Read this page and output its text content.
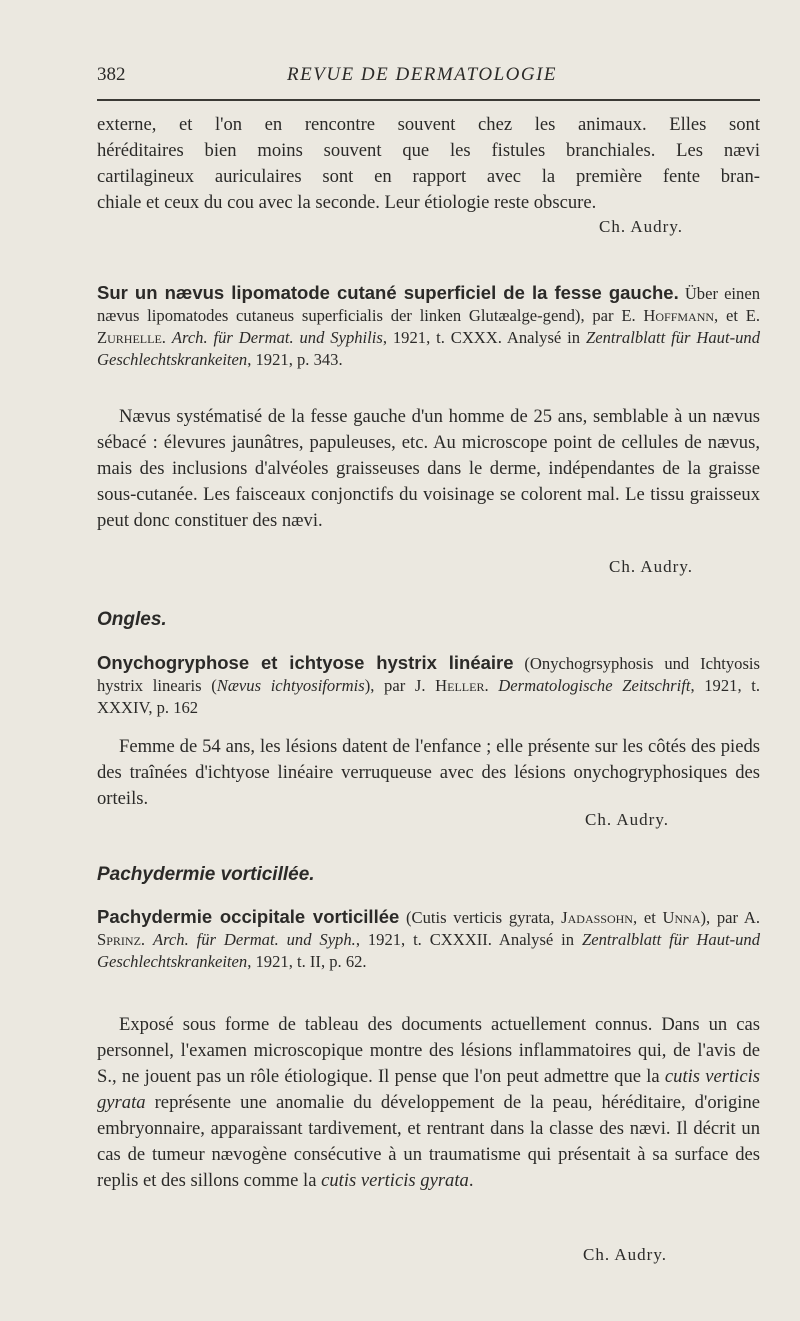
382	REVUE DE DERMATOLOGIE
externe, et l'on en rencontre souvent chez les animaux. Elles sont
héréditaires bien moins souvent que les fistules branchiales. Les nævi
cartilagineux auriculaires sont en rapport avec la première fente bran-
chiale et ceux du cou avec la seconde. Leur étiologie reste obscure.
Ch. Audry.

Sur un nævus lipomatode cutané superficiel de la fesse gauche. Über einen nævus lipomatodes cutaneus superficialis der linken Glutæalge-gend), par E. Hoffmann, et E. Zurhelle. Arch. für Dermat. und Syphilis, 1921, t. CXXX. Analysé in Zentralblatt für Haut-und Geschlechtskrankeiten, 1921, p. 343.

Nævus systématisé de la fesse gauche d'un homme de 25 ans, semblable à un nævus sébacé : élevures jaunâtres, papuleuses, etc. Au microscope point de cellules de nævus, mais des inclusions d'alvéoles graisseuses dans le derme, indépendantes de la graisse sous-cutanée. Les faisceaux conjonctifs du voisinage se colorent mal. Le tissu graisseux peut donc constituer des nævi.

Ch. Audry.
Ongles.

Onychogryphose et ichtyose hystrix linéaire (Onychogrsyphosis und Ichtyosis hystrix linearis (Nævus ichtyosiformis), par J. Heller. Dermatologische Zeitschrift, 1921, t. XXXIV, p. 162

Femme de 54 ans, les lésions datent de l'enfance ; elle présente sur les côtés des pieds des traînées d'ichtyose linéaire verruqueuse avec des lésions onychogryphosiques des orteils.

Ch. Audry.
Pachydermie vorticillée.

Pachydermie occipitale vorticillée (Cutis verticis gyrata, Jadassohn, et Unna), par A. Sprinz. Arch. für Dermat. und Syph., 1921, t. CXXXII. Analysé in Zentralblatt für Haut-und Geschlechtskrankeiten, 1921, t. II, p. 62.

Exposé sous forme de tableau des documents actuellement connus. Dans un cas personnel, l'examen microscopique montre des lésions inflammatoires qui, de l'avis de S., ne jouent pas un rôle étiologique. Il pense que l'on peut admettre que la cutis verticis gyrata représente une anomalie du développement de la peau, héréditaire, d'origine embryonnaire, apparaissant tardivement, et rentrant dans la classe des nævi. Il décrit un cas de tumeur nævogène consécutive à un traumatisme qui présentait à sa surface des replis et des sillons comme la cutis verticis gyrata.

Ch. Audry.
